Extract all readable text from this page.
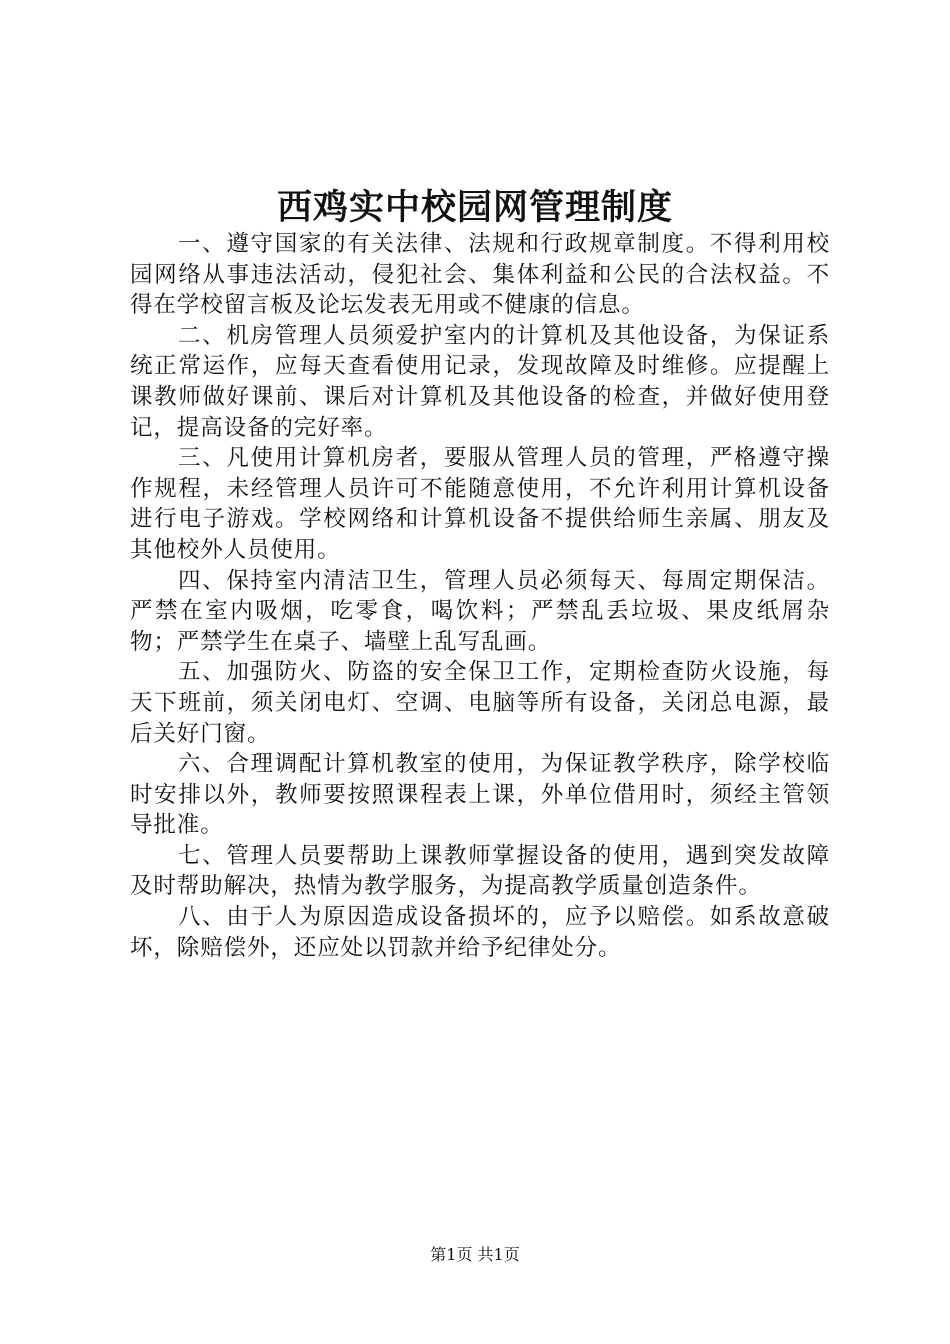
西鸡实中校园网管理制度

一、遵守国家的有关法律、法规和行政规章制度。不得利用校园网络从事违法活动，侵犯社会、集体利益和公民的合法权益。不得在学校留言板及论坛发表无用或不健康的信息。

二、机房管理人员须爱护室内的计算机及其他设备，为保证系统正常运作，应每天查看使用记录，发现故障及时维修。应提醒上课教师做好课前、课后对计算机及其他设备的检查，并做好使用登记，提高设备的完好率。

三、凡使用计算机房者，要服从管理人员的管理，严格遵守操作规程，未经管理人员许可不能随意使用，不允许利用计算机设备进行电子游戏。学校网络和计算机设备不提供给师生亲属、朋友及其他校外人员使用。

四、保持室内清洁卫生，管理人员必须每天、每周定期保洁。严禁在室内吸烟，吃零食，喝饮料；严禁乱丢垃圾、果皮纸屑杂物；严禁学生在桌子、墙壁上乱写乱画。

五、加强防火、防盗的安全保卫工作，定期检查防火设施，每天下班前，须关闭电灯、空调、电脑等所有设备，关闭总电源，最后关好门窗。

六、合理调配计算机教室的使用，为保证教学秩序，除学校临时安排以外，教师要按照课程表上课，外单位借用时，须经主管领导批准。

七、管理人员要帮助上课教师掌握设备的使用，遇到突发故障及时帮助解决，热情为教学服务，为提高教学质量创造条件。

八、由于人为原因造成设备损坏的，应予以赔偿。如系故意破坏，除赔偿外，还应处以罚款并给予纪律处分。

第1页 共1页
